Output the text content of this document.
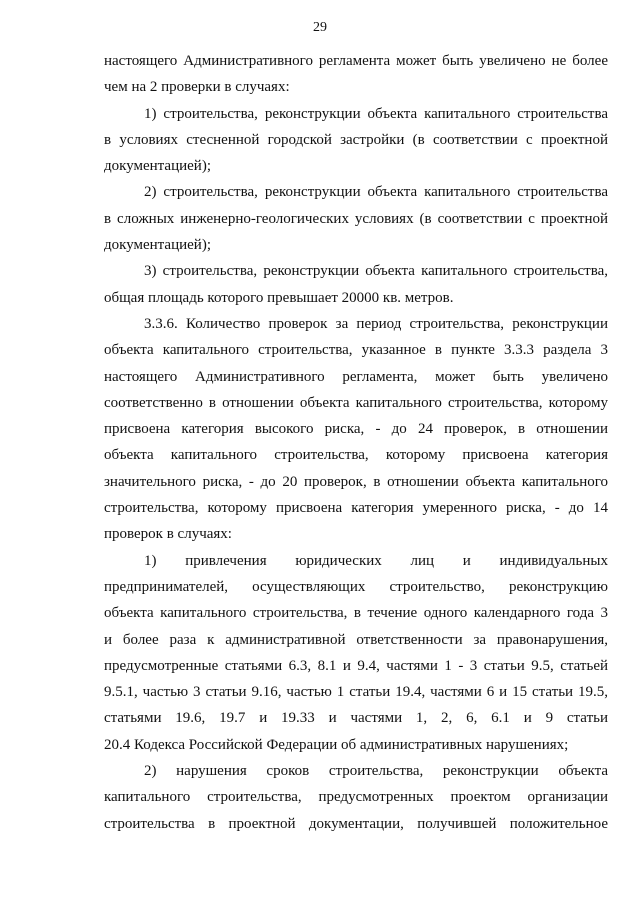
29
настоящего Административного регламента может быть увеличено не более
чем на 2 проверки в случаях:
1) строительства, реконструкции объекта капитального строительства
в условиях стесненной городской застройки (в соответствии с проектной
документацией);
2) строительства, реконструкции объекта капитального строительства
в сложных инженерно-геологических условиях (в соответствии с проектной
документацией);
3) строительства, реконструкции объекта капитального строительства,
общая площадь которого превышает 20000 кв. метров.
3.3.6. Количество проверок за период строительства, реконструкции
объекта капитального строительства, указанное в пункте 3.3.3 раздела 3
настоящего Административного регламента, может быть увеличено
соответственно в отношении объекта капитального строительства, которому
присвоена категория высокого риска, - до 24 проверок, в отношении
объекта капитального строительства, которому присвоена категория
значительного риска, - до 20 проверок, в отношении объекта капитального
строительства, которому присвоена категория умеренного риска, - до 14
проверок в случаях:
1) привлечения юридических лиц и индивидуальных
предпринимателей, осуществляющих строительство, реконструкцию
объекта капитального строительства, в течение одного календарного года 3
и более раза к административной ответственности за правонарушения,
предусмотренные статьями 6.3, 8.1 и 9.4, частями 1 - 3 статьи 9.5, статьей
9.5.1, частью 3 статьи 9.16, частью 1 статьи 19.4, частями 6 и 15 статьи 19.5,
статьями 19.6, 19.7 и 19.33 и частями 1, 2, 6, 6.1 и 9 статьи
20.4 Кодекса Российской Федерации об административных нарушениях;
2) нарушения сроков строительства, реконструкции объекта
капитального строительства, предусмотренных проектом организации
строительства в проектной документации, получившей положительное
